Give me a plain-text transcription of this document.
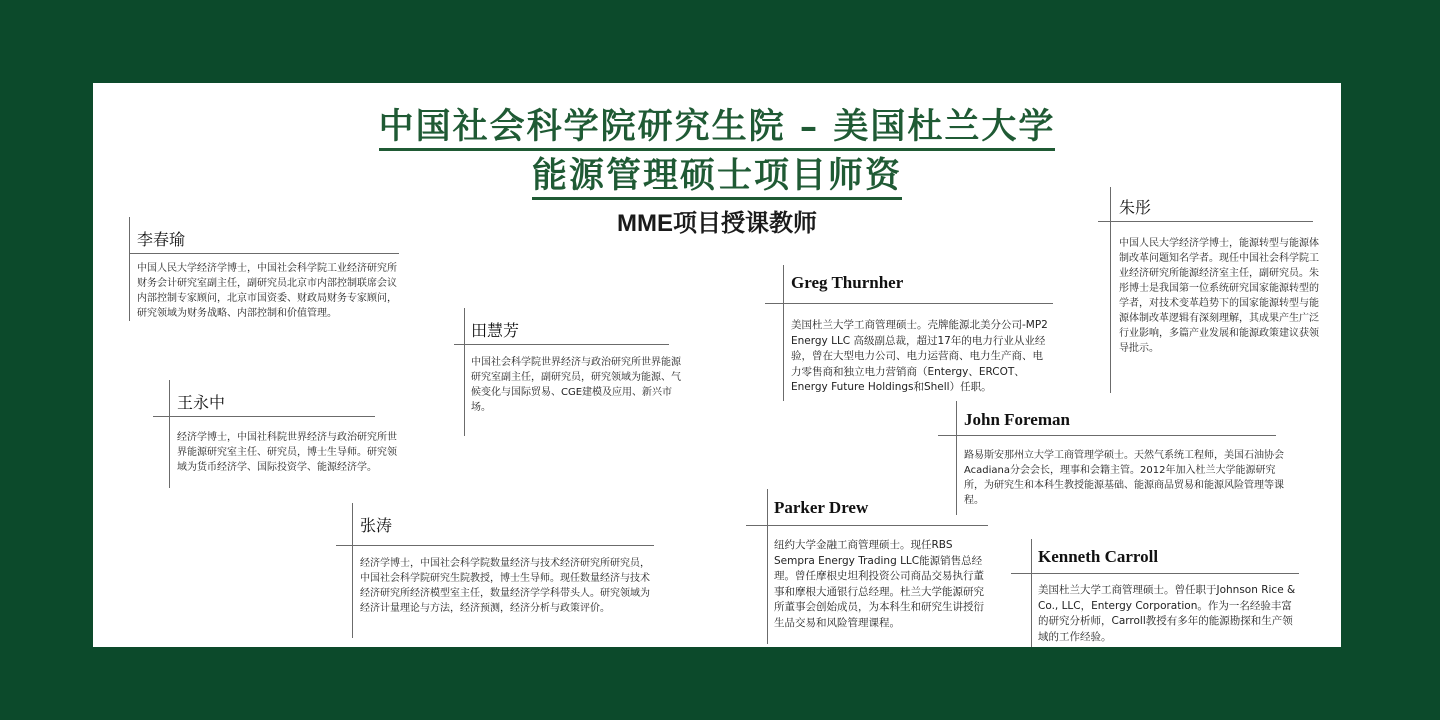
中国社会科学院研究生院 – 美国杜兰大学
能源管理硕士项目师资
MME项目授课教师
李春瑜

中国人民大学经济学博士，中国社会科学院工业经济研究所财务会计研究室副主任，副研究员北京市内部控制联席会议内部控制专家顾问，北京市国资委、财政局财务专家顾问，研究领域为财务战略、内部控制和价值管理。

王永中

经济学博士，中国社科院世界经济与政治研究所世界能源研究室主任、研究员，博士生导师。研究领域为货币经济学、国际投资学、能源经济学。

田慧芳

中国社会科学院世界经济与政治研究所世界能源研究室副主任，副研究员，研究领域为能源、气候变化与国际贸易、CGE建模及应用、新兴市场。

张涛

经济学博士，中国社会科学院数量经济与技术经济研究所研究员，中国社会科学院研究生院教授，博士生导师。现任数量经济与技术经济研究所经济模型室主任，数量经济学学科带头人。研究领域为经济计量理论与方法，经济预测，经济分析与政策评价。

Greg Thurnher

美国杜兰大学工商管理硕士。壳牌能源北美分公司-MP2 Energy LLC 高级副总裁，超过17年的电力行业从业经验，曾在大型电力公司、电力运营商、电力生产商、电力零售商和独立电力营销商（Entergy、ERCOT、Energy Future Holdings和Shell）任职。

朱彤

中国人民大学经济学博士，能源转型与能源体制改革问题知名学者。现任中国社会科学院工业经济研究所能源经济室主任，副研究员。朱彤博士是我国第一位系统研究国家能源转型的学者，对技术变革趋势下的国家能源转型与能源体制改革逻辑有深刻理解，其成果产生广泛行业影响，多篇产业发展和能源政策建议获领导批示。

John Foreman

路易斯安那州立大学工商管理学硕士。天然气系统工程师，美国石油协会Acadiana分会会长，理事和会籍主管。2012年加入杜兰大学能源研究所，为研究生和本科生教授能源基础、能源商品贸易和能源风险管理等课程。

Parker Drew

纽约大学金融工商管理硕士。现任RBS Sempra Energy Trading LLC能源销售总经理。曾任摩根史坦利投资公司商品交易执行董事和摩根大通银行总经理。杜兰大学能源研究所董事会创始成员，为本科生和研究生讲授衍生品交易和风险管理课程。

Kenneth Carroll

美国杜兰大学工商管理硕士。曾任职于Johnson Rice & Co., LLC，Entergy Corporation。作为一名经验丰富的研究分析师，Carroll教授有多年的能源勘探和生产领域的工作经验。
